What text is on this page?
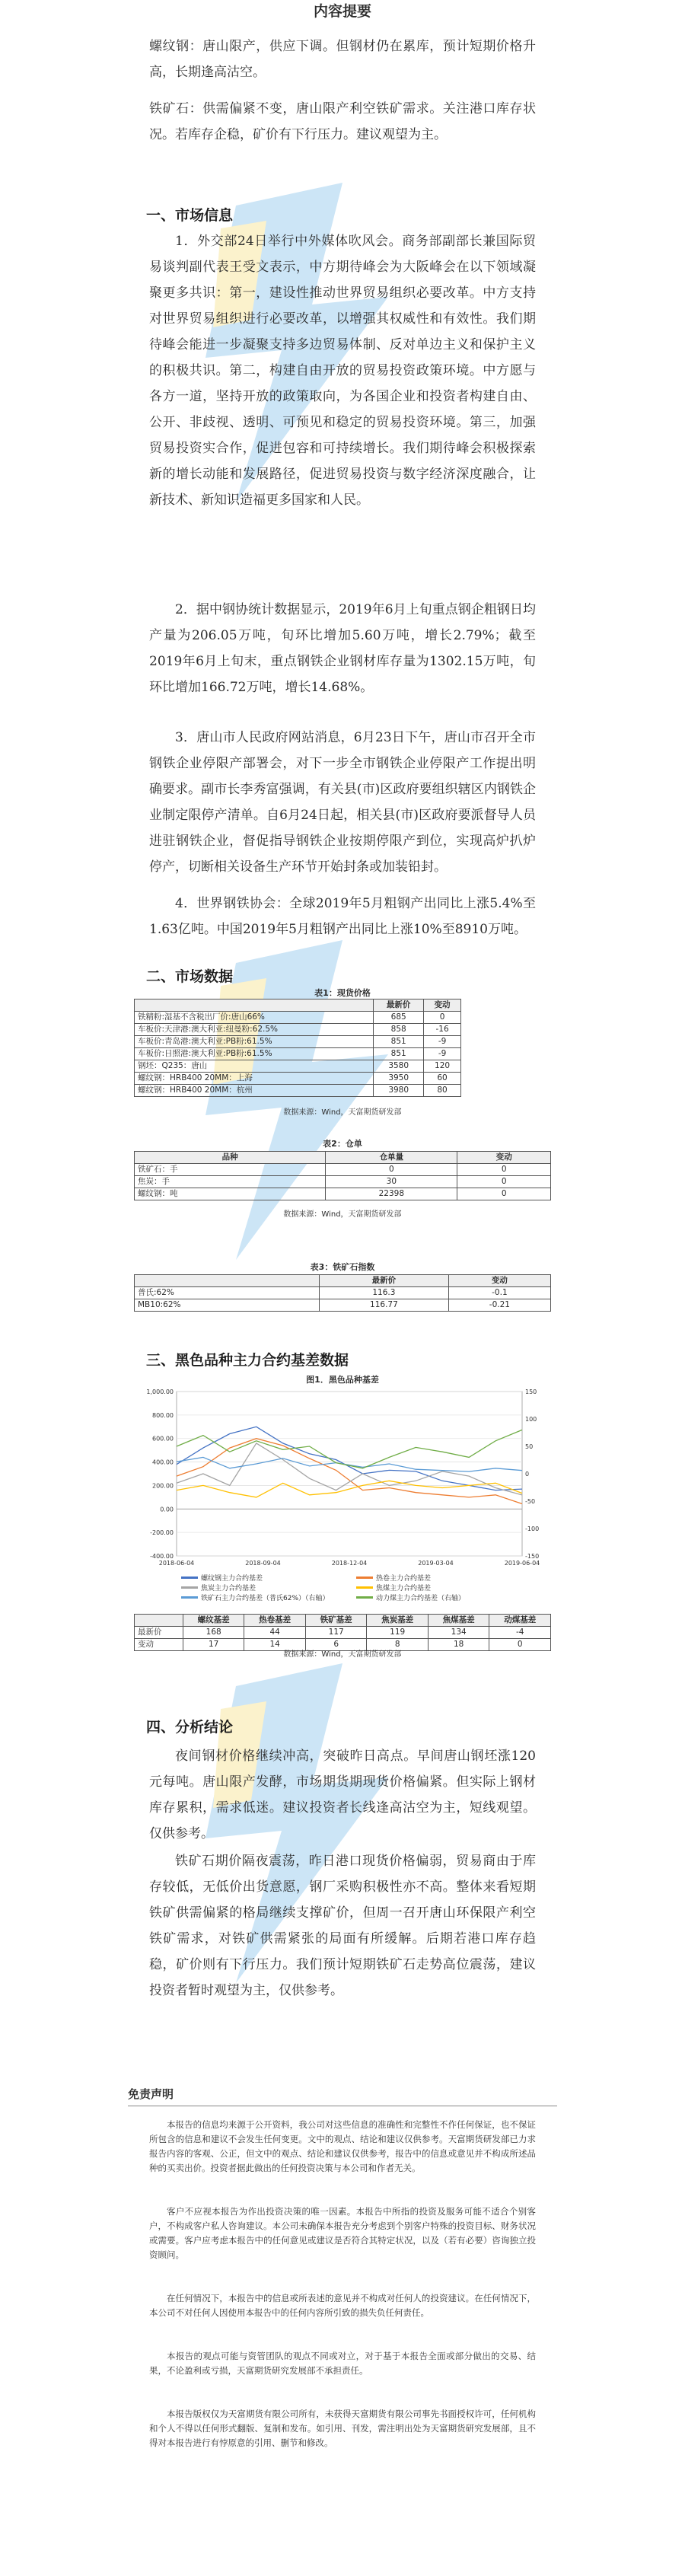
内容提要

螺纹钢：唐山限产，供应下调。但钢材仍在累库，预计短期价格升高，长期逢高沽空。

铁矿石：供需偏紧不变，唐山限产利空铁矿需求。关注港口库存状况。若库存企稳，矿价有下行压力。建议观望为主。

一、市场信息

1．外交部24日举行中外媒体吹风会。商务部副部长兼国际贸易谈判副代表王受文表示，中方期待峰会为大阪峰会在以下领域凝聚更多共识：第一，建设性推动世界贸易组织必要改革。中方支持对世界贸易组织进行必要改革，以增强其权威性和有效性。我们期待峰会能进一步凝聚支持多边贸易体制、反对单边主义和保护主义的积极共识。第二，构建自由开放的贸易投资政策环境。中方愿与各方一道，坚持开放的政策取向，为各国企业和投资者构建自由、公开、非歧视、透明、可预见和稳定的贸易投资环境。第三，加强贸易投资实合作，促进包容和可持续增长。我们期待峰会积极探索新的增长动能和发展路径，促进贸易投资与数字经济深度融合，让新技术、新知识造福更多国家和人民。

2．据中钢协统计数据显示，2019年6月上旬重点钢企粗钢日均产量为206.05万吨，旬环比增加5.60万吨，增长2.79%；截至2019年6月上旬末，重点钢铁企业钢材库存量为1302.15万吨，旬环比增加166.72万吨，增长14.68%。

3．唐山市人民政府网站消息，6月23日下午，唐山市召开全市钢铁企业停限产部署会，对下一步全市钢铁企业停限产工作提出明确要求。副市长李秀富强调，有关县(市)区政府要组织辖区内钢铁企业制定限停产清单。自6月24日起，相关县(市)区政府要派督导人员进驻钢铁企业，督促指导钢铁企业按期停限产到位，实现高炉扒炉停产，切断相关设备生产环节开始封条或加装铅封。

4．世界钢铁协会：全球2019年5月粗钢产出同比上涨5.4%至1.63亿吨。中国2019年5月粗钢产出同比上涨10%至8910万吨。

二、市场数据
表1：现货价格
	最新价	变动
铁精粉:湿基不含税出厂价:唐山66%	685	0
车板价:天津港:澳大利亚:纽曼粉:62.5%	858	-16
车板价:青岛港:澳大利亚:PB粉:61.5%	851	-9
车板价:日照港:澳大利亚:PB粉:61.5%	851	-9
钢坯：Q235：唐山	3580	120
螺纹钢：HRB400 20MM：上海	3950	60
螺纹钢：HRB400 20MM：杭州	3980	80
数据来源：Wind，天富期货研发部
表2：仓单
品种	仓单量	变动
铁矿石：手	0	0
焦炭：手	30	0
螺纹钢：吨	22398	0
数据来源：Wind，天富期货研发部
表3：铁矿石指数
	最新价	变动
普氏:62%	116.3	-0.1
MB10:62%	116.77	-0.21
三、黑色品种主力合约基差数据
图1．黑色品种基差
1,000.00
800.00
600.00
400.00
200.00
0.00
-200.00
-400.00
150
100
50
0
-50
-100
-150
2018-06-04	2018-09-04	2018-12-04	2019-03-04	2019-06-04
螺纹钢主力合约基差	热卷主力合约基差
焦炭主力合约基差	焦煤主力合约基差
铁矿石主力合约基差（普氏62%）（右轴）	动力煤主力合约基差（右轴）
	螺纹基差	热卷基差	铁矿基差	焦炭基差	焦煤基差	动煤基差
最新价	168	44	117	119	134	-4
变动	17	14	6	8	18	0
数据来源：Wind，天富期货研发部
四、分析结论

夜间钢材价格继续冲高，突破昨日高点。早间唐山钢坯涨120元每吨。唐山限产发酵，市场期货期现货价格偏紧。但实际上钢材库存累积，需求低迷。建议投资者长线逢高沽空为主，短线观望。仅供参考。

铁矿石期价隔夜震荡，昨日港口现货价格偏弱，贸易商由于库存较低，无低价出货意愿，钢厂采购积极性亦不高。整体来看短期铁矿供需偏紧的格局继续支撑矿价，但周一召开唐山环保限产利空铁矿需求，对铁矿供需紧张的局面有所缓解。后期若港口库存趋稳，矿价则有下行压力。我们预计短期铁矿石走势高位震荡，建议投资者暂时观望为主，仅供参考。

免责声明

本报告的信息均来源于公开资料，我公司对这些信息的准确性和完整性不作任何保证，也不保证所包含的信息和建议不会发生任何变更。文中的观点、结论和建议仅供参考。天富期货研发部已力求报告内容的客观、公正，但文中的观点、结论和建议仅供参考，报告中的信息或意见并不构成所述品种的买卖出价。投资者据此做出的任何投资决策与本公司和作者无关。

客户不应视本报告为作出投资决策的唯一因素。本报告中所指的投资及服务可能不适合个别客户，不构成客户私人咨询建议。本公司未确保本报告充分考虑到个别客户特殊的投资目标、财务状况或需要。客户应考虑本报告中的任何意见或建议是否符合其特定状况，以及（若有必要）咨询独立投资顾问。

在任何情况下，本报告中的信息或所表述的意见并不构成对任何人的投资建议。在任何情况下，本公司不对任何人因使用本报告中的任何内容所引致的损失负任何责任。

本报告的观点可能与资管团队的观点不同或对立，对于基于本报告全面或部分做出的交易、结果，不论盈利或亏损，天富期货研究发展部不承担责任。

本报告版权仅为天富期货有限公司所有，未获得天富期货有限公司事先书面授权许可，任何机构和个人不得以任何形式翻版、复制和发布。如引用、刊发，需注明出处为天富期货研究发展部，且不得对本报告进行有悖原意的引用、删节和修改。
